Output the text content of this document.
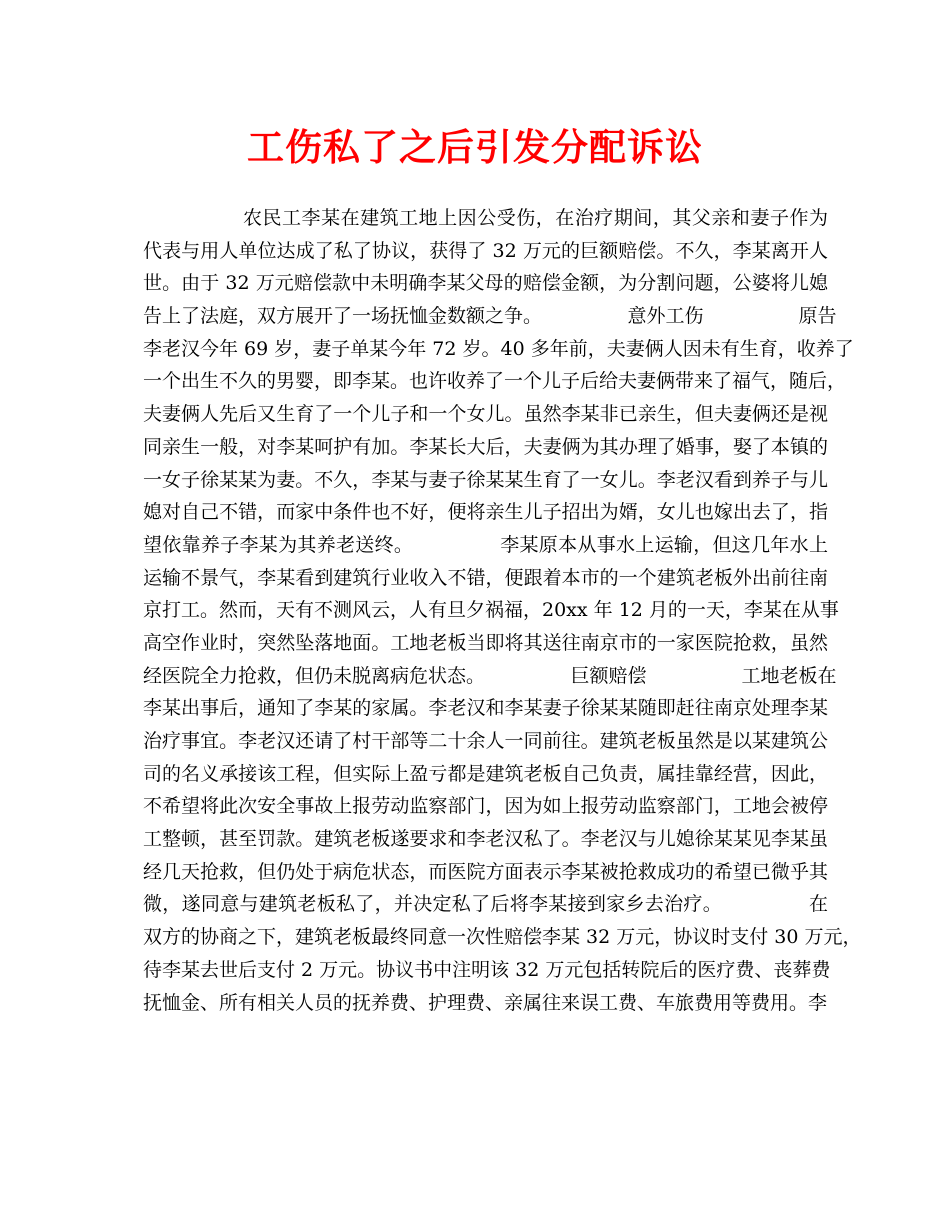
工伤私了之后引发分配诉讼
农民工李某在建筑工地上因公受伤，在治疗期间，其父亲和妻子作为
代表与用人单位达成了私了协议，获得了 32 万元的巨额赔偿。不久，李某离开人
世。由于 32 万元赔偿款中未明确李某父母的赔偿金额，为分割问题，公婆将儿媳
告上了法庭，双方展开了一场抚恤金数额之争。　　　　　意外工伤　　　　　原告
李老汉今年 69 岁，妻子单某今年 72 岁。40 多年前，夫妻俩人因未有生育，收养了
一个出生不久的男婴，即李某。也许收养了一个儿子后给夫妻俩带来了福气，随后，
夫妻俩人先后又生育了一个儿子和一个女儿。虽然李某非已亲生，但夫妻俩还是视
同亲生一般，对李某呵护有加。李某长大后，夫妻俩为其办理了婚事，娶了本镇的
一女子徐某某为妻。不久，李某与妻子徐某某生育了一女儿。李老汉看到养子与儿
媳对自己不错，而家中条件也不好，便将亲生儿子招出为婿，女儿也嫁出去了，指
望依靠养子李某为其养老送终。　　　　　李某原本从事水上运输，但这几年水上
运输不景气，李某看到建筑行业收入不错，便跟着本市的一个建筑老板外出前往南
京打工。然而，天有不测风云，人有旦夕祸福，20xx 年 12 月的一天，李某在从事
高空作业时，突然坠落地面。工地老板当即将其送往南京市的一家医院抢救，虽然
经医院全力抢救，但仍未脱离病危状态。　　　　　巨额赔偿　　　　　工地老板在
李某出事后，通知了李某的家属。李老汉和李某妻子徐某某随即赶往南京处理李某
治疗事宜。李老汉还请了村干部等二十余人一同前往。建筑老板虽然是以某建筑公
司的名义承接该工程，但实际上盈亏都是建筑老板自己负责，属挂靠经营，因此，
不希望将此次安全事故上报劳动监察部门，因为如上报劳动监察部门，工地会被停
工整顿，甚至罚款。建筑老板遂要求和李老汉私了。李老汉与儿媳徐某某见李某虽
经几天抢救，但仍处于病危状态，而医院方面表示李某被抢救成功的希望已微乎其
微，遂同意与建筑老板私了，并决定私了后将李某接到家乡去治疗。　　　　　在
双方的协商之下，建筑老板最终同意一次性赔偿李某 32 万元，协议时支付 30 万元，
待李某去世后支付 2 万元。协议书中注明该 32 万元包括转院后的医疗费、丧葬费
抚恤金、所有相关人员的抚养费、护理费、亲属往来误工费、车旅费用等费用。李
